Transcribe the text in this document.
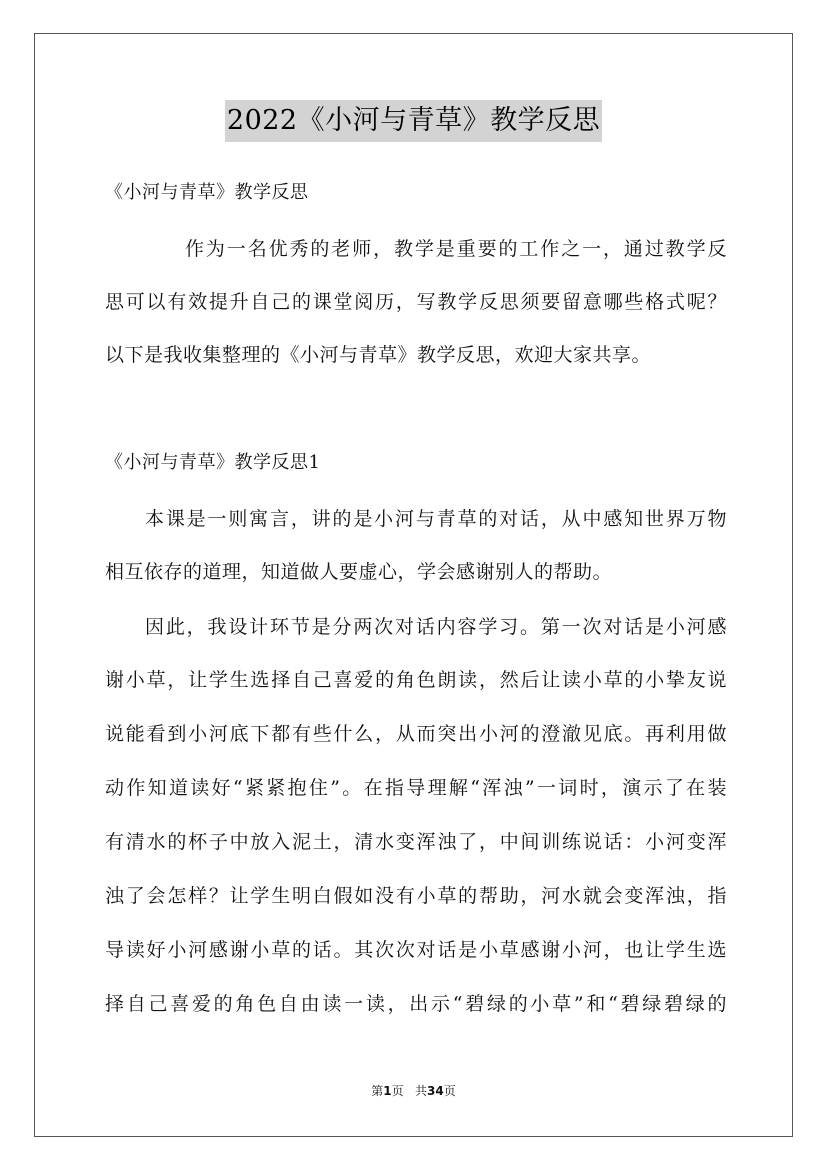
2022《小河与青草》教学反思
《小河与青草》教学反思
作为一名优秀的老师，教学是重要的工作之一，通过教学反
思可以有效提升自己的课堂阅历，写教学反思须要留意哪些格式呢？
以下是我收集整理的《小河与青草》教学反思，欢迎大家共享。
《小河与青草》教学反思1
本课是一则寓言，讲的是小河与青草的对话，从中感知世界万物
相互依存的道理，知道做人要虚心，学会感谢别人的帮助。
因此，我设计环节是分两次对话内容学习。第一次对话是小河感
谢小草，让学生选择自己喜爱的角色朗读，然后让读小草的小挚友说
说能看到小河底下都有些什么，从而突出小河的澄澈见底。再利用做
动作知道读好“紧紧抱住”。在指导理解“浑浊”一词时，演示了在装
有清水的杯子中放入泥土，清水变浑浊了，中间训练说话：小河变浑
浊了会怎样？让学生明白假如没有小草的帮助，河水就会变浑浊，指
导读好小河感谢小草的话。其次次对话是小草感谢小河，也让学生选
择自己喜爱的角色自由读一读，出示“碧绿的小草”和“碧绿碧绿的
第1页   共34页
